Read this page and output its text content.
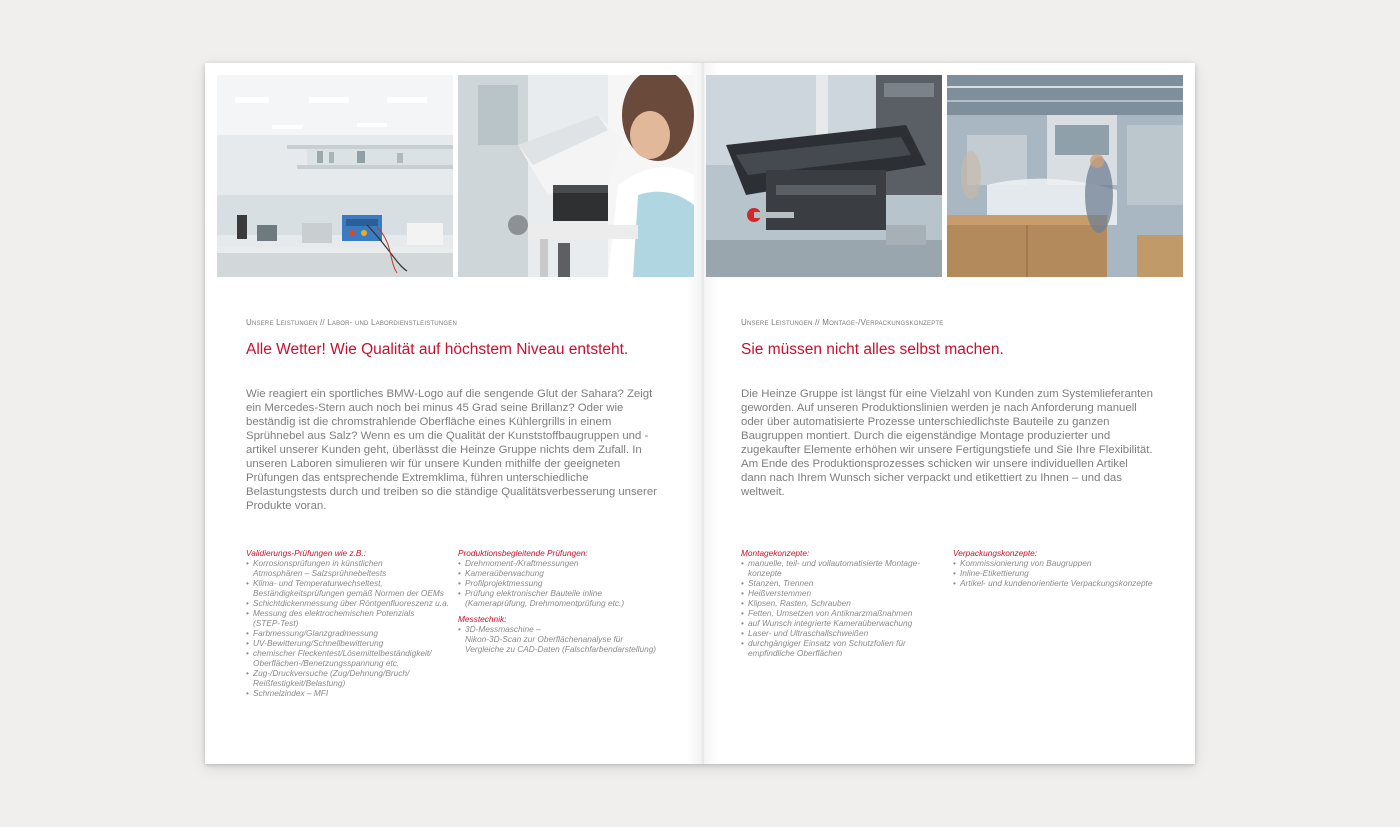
Unsere Leistungen // Labor- und Labordienstleistungen

Alle Wetter! Wie Qualität auf höchstem Niveau entsteht.

Wie reagiert ein sportliches BMW-Logo auf die sengende Glut der Sahara? Zeigt ein Mercedes-Stern auch noch bei minus 45 Grad seine Brillanz? Oder wie beständig ist die chromstrahlende Oberfläche eines Kühlergrills in einem Sprühnebel aus Salz? Wenn es um die Qualität der Kunststoffbaugruppen und -artikel unserer Kunden geht, überlässt die Heinze Gruppe nichts dem Zufall. In unseren Laboren simulieren wir für unsere Kunden mithilfe der geeigneten Prüfungen das entsprechende Extremklima, führen unterschiedliche Belastungstests durch und treiben so die ständige Qualitätsverbesserung unserer Produkte voran.

Validierungs-Prüfungen wie z.B.:

• Korrosionsprüfungen in künstlichen
Atmosphären – Salzsprühnebeltests
• Klima- und Temperaturwechseltest,
Beständigkeitsprüfungen gemäß Normen der OEMs
• Schichtdickenmessung über Röntgenfluoreszenz u.a.
• Messung des elektrochemischen Potenzials
(STEP-Test)
• Farbmessung/Glanzgradmessung
• UV-Bewitterung/Schnellbewitterung
• chemischer Fleckentest/Lösemittelbeständigkeit/
Oberflächen-/Benetzungsspannung etc.
• Zug-/Druckversuche (Zug/Dehnung/Bruch/
Reißfestigkeit/Belastung)
• Schmelzindex – MFI

Produktionsbegleitende Prüfungen:

• Drehmoment-/Kraftmessungen
• Kameraüberwachung
• Profilprojektmessung
• Prüfung elektronischer Bauteile inline
(Kameraprüfung, Drehmomentprüfung etc.)

Messtechnik:

• 3D-Messmaschine –
Nikon-3D-Scan zur Oberflächenanalyse für
Vergleiche zu CAD-Daten (Falschfarbendarstellung)

Unsere Leistungen // Montage-/Verpackungskonzepte

Sie müssen nicht alles selbst machen.

Die Heinze Gruppe ist längst für eine Vielzahl von Kunden zum Systemlieferanten geworden. Auf unseren Produktionslinien werden je nach Anforderung manuell oder über automatisierte Prozesse unterschiedlichste Bauteile zu ganzen Baugruppen montiert. Durch die eigenständige Montage produzierter und zugekaufter Elemente erhöhen wir unsere Fertigungstiefe und Sie Ihre Flexibilität. Am Ende des Produktionsprozesses schicken wir unsere individuellen Artikel dann nach Ihrem Wunsch sicher verpackt und etikettiert zu Ihnen – und das weltweit.

Montagekonzepte:

• manuelle, teil- und vollautomatisierte Montage-
konzepte
• Stanzen, Trennen
• Heißverstemmen
• Klipsen, Rasten, Schrauben
• Fetten, Umsetzen von Antiknarzmaßnahmen
• auf Wunsch integrierte Kameraüberwachung
• Laser- und Ultraschallschweißen
• durchgängiger Einsatz von Schutzfolien für
empfindliche Oberflächen

Verpackungskonzepte:

• Kommissionierung von Baugruppen
• Inline-Etikettierung
• Artikel- und kundenorientierte Verpackungskonzepte
